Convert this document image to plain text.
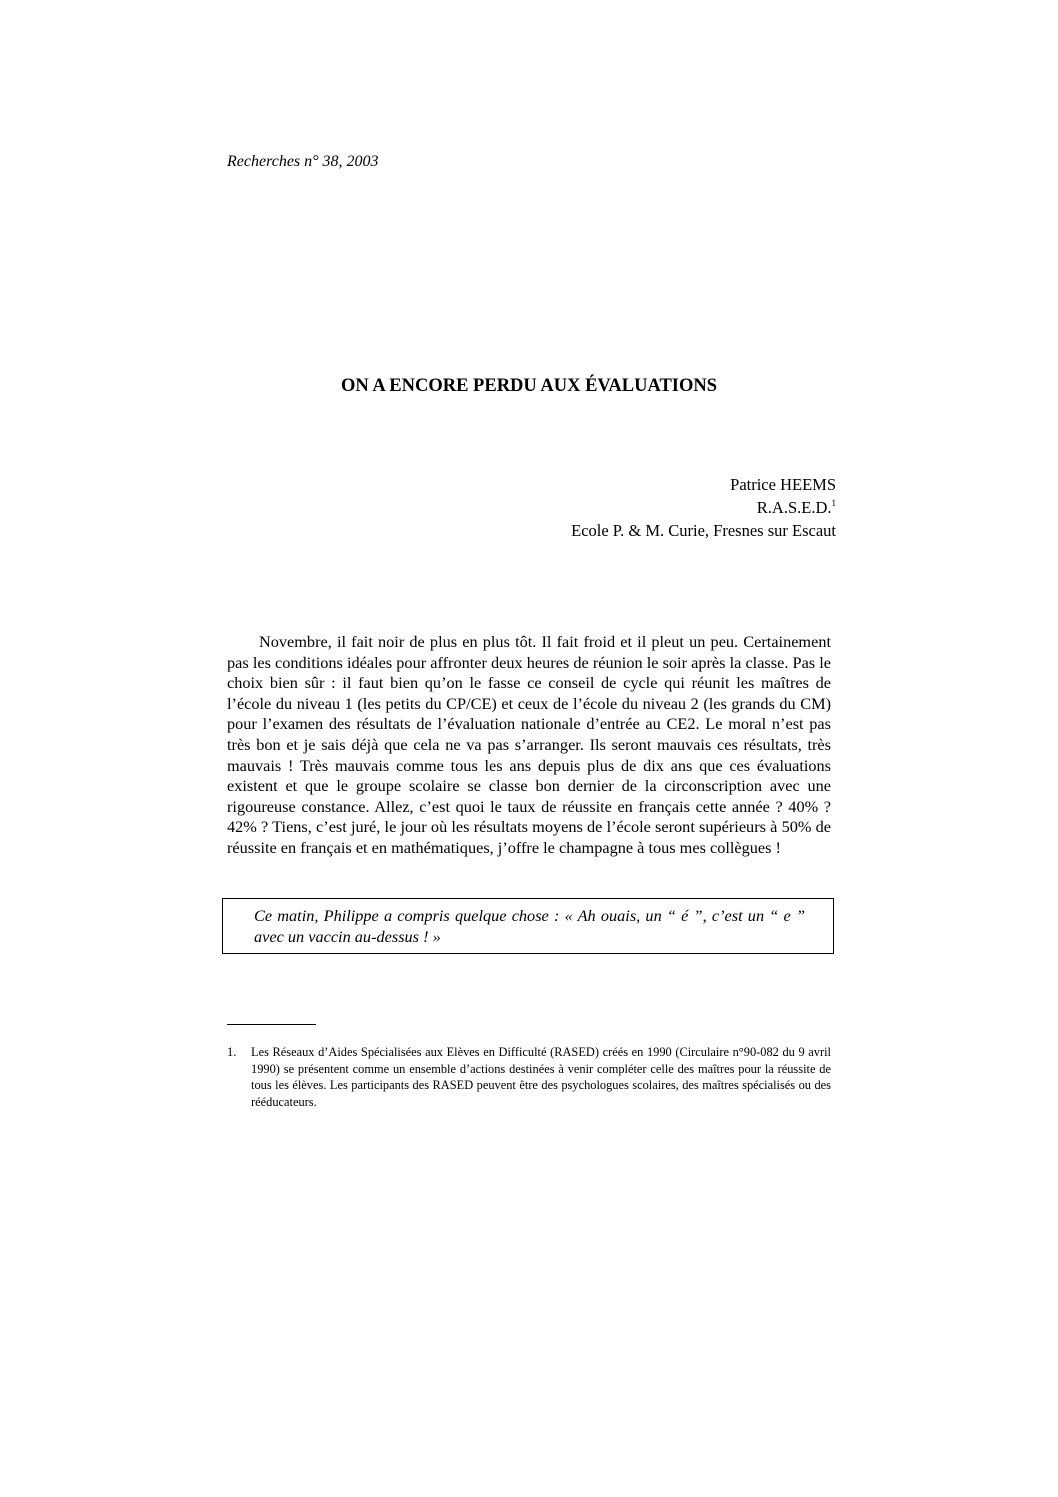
Recherches n° 38, 2003
ON A ENCORE PERDU AUX ÉVALUATIONS
Patrice HEEMS
R.A.S.E.D.$^1$
Ecole P. & M. Curie, Fresnes sur Escaut

Novembre, il fait noir de plus en plus tôt. Il fait froid et il pleut un peu. Certainement pas les conditions idéales pour affronter deux heures de réunion le soir après la classe. Pas le choix bien sûr : il faut bien qu’on le fasse ce conseil de cycle qui réunit les maîtres de l’école du niveau 1 (les petits du CP/CE) et ceux de l’école du niveau 2 (les grands du CM) pour l’examen des résultats de l’évaluation nationale d’entrée au CE2. Le moral n’est pas très bon et je sais déjà que cela ne va pas s’arranger. Ils seront mauvais ces résultats, très mauvais ! Très mauvais comme tous les ans depuis plus de dix ans que ces évaluations existent et que le groupe scolaire se classe bon dernier de la circonscription avec une rigoureuse constance. Allez, c’est quoi le taux de réussite en français cette année ? 40% ? 42% ? Tiens, c’est juré, le jour où les résultats moyens de l’école seront supérieurs à 50% de réussite en français et en mathématiques, j’offre le champagne à tous mes collègues !

Ce matin, Philippe a compris quelque chose : « Ah ouais, un “ é ”, c’est un “ e ” avec un vaccin au-dessus ! »
1.	Les Réseaux d’Aides Spécialisées aux Elèves en Difficulté (RASED) créés en 1990 (Circulaire n°90-082 du 9 avril 1990) se présentent comme un ensemble d’actions destinées à venir compléter celle des maîtres pour la réussite de tous les élèves. Les participants des RASED peuvent être des psychologues scolaires, des maîtres spécialisés ou des rééducateurs.
